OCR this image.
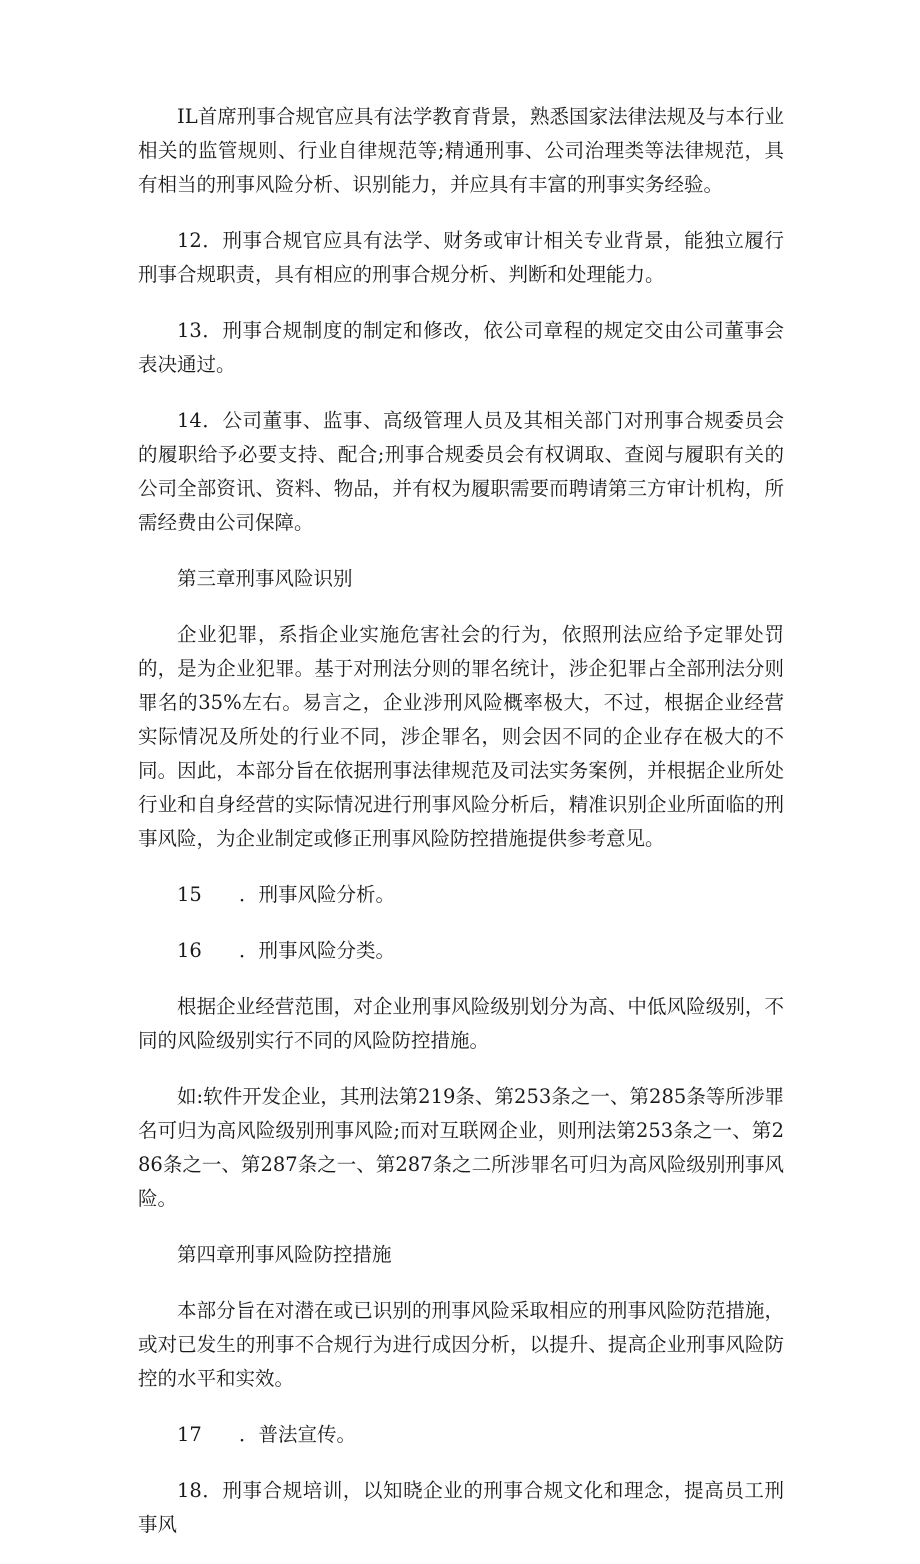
IL首席刑事合规官应具有法学教育背景，熟悉国家法律法规及与本行业相关的监管规则、行业自律规范等;精通刑事、公司治理类等法律规范，具有相当的刑事风险分析、识别能力，并应具有丰富的刑事实务经验。

12．刑事合规官应具有法学、财务或审计相关专业背景，能独立履行刑事合规职责，具有相应的刑事合规分析、判断和处理能力。

13．刑事合规制度的制定和修改，依公司章程的规定交由公司董事会表决通过。

14．公司董事、监事、高级管理人员及其相关部门对刑事合规委员会的履职给予必要支持、配合;刑事合规委员会有权调取、查阅与履职有关的公司全部资讯、资料、物品，并有权为履职需要而聘请第三方审计机构，所需经费由公司保障。

第三章刑事风险识别

企业犯罪，系指企业实施危害社会的行为，依照刑法应给予定罪处罚的，是为企业犯罪。基于对刑法分则的罪名统计，涉企犯罪占全部刑法分则罪名的35%左右。易言之，企业涉刑风险概率极大，不过，根据企业经营实际情况及所处的行业不同，涉企罪名，则会因不同的企业存在极大的不同。因此，本部分旨在依据刑事法律规范及司法实务案例，并根据企业所处行业和自身经营的实际情况进行刑事风险分析后，精准识别企业所面临的刑事风险，为企业制定或修正刑事风险防控措施提供参考意见。

15 ．刑事风险分析。

16 ．刑事风险分类。

根据企业经营范围，对企业刑事风险级别划分为高、中低风险级别，不同的风险级别实行不同的风险防控措施。

如:软件开发企业，其刑法第219条、第253条之一、第285条等所涉罪名可归为高风险级别刑事风险;而对互联网企业，则刑法第253条之一、第286条之一、第287条之一、第287条之二所涉罪名可归为高风险级别刑事风险。

第四章刑事风险防控措施

本部分旨在对潜在或已识别的刑事风险采取相应的刑事风险防范措施，或对已发生的刑事不合规行为进行成因分析，以提升、提高企业刑事风险防控的水平和实效。

17 ．普法宣传。

18．刑事合规培训，以知晓企业的刑事合规文化和理念，提高员工刑事风
